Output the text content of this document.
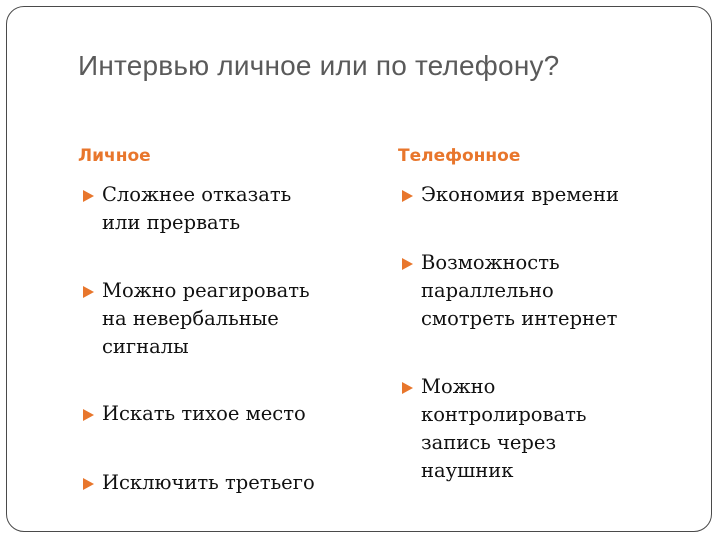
Интервью личное или по телефону?
Личное
Сложнее отказать
или прервать
Можно реагировать
на невербальные
сигналы
Искать тихое место
Исключить третьего
Телефонное
Экономия времени
Возможность
параллельно
смотреть интернет
Можно
контролировать
запись через
наушник
